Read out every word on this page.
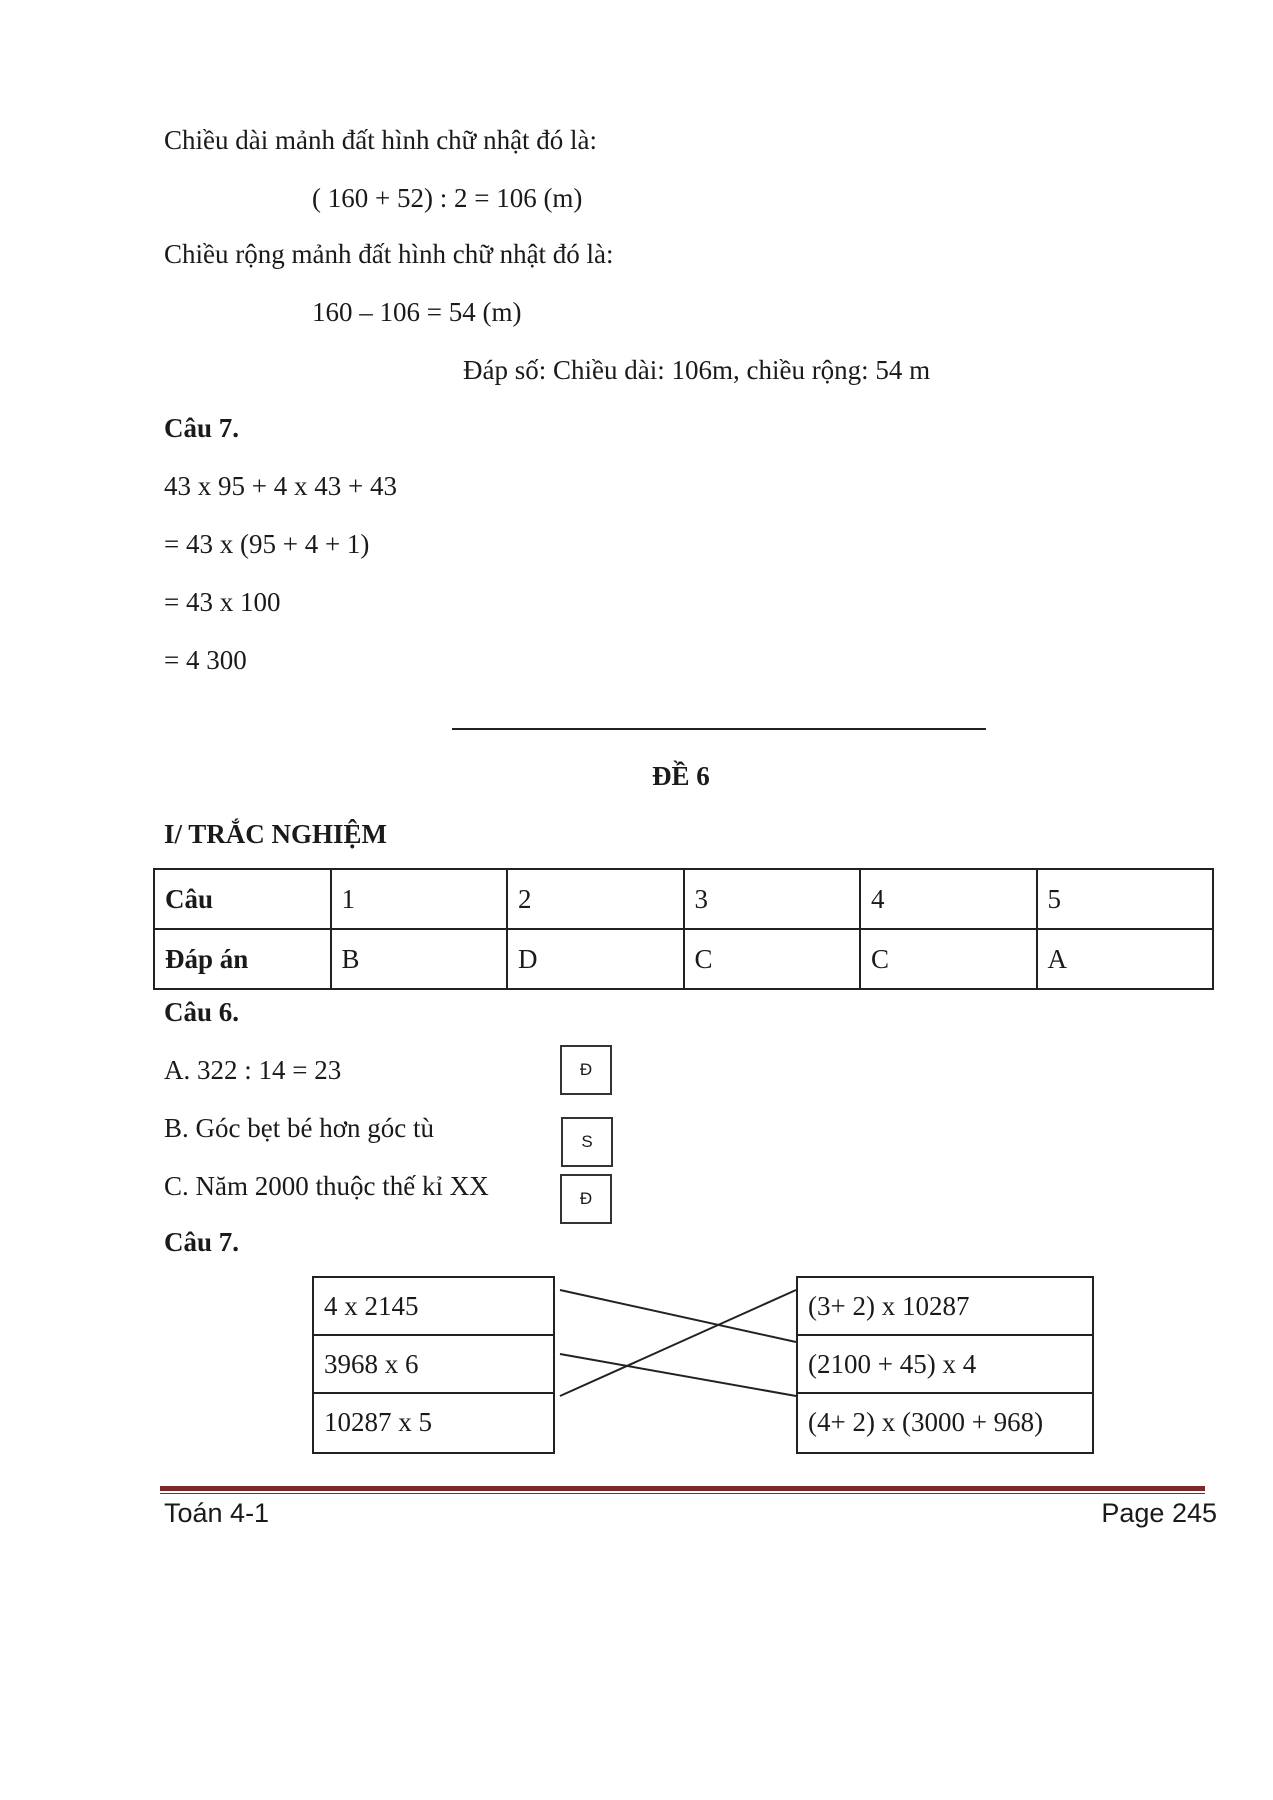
Chiều dài mảnh đất hình chữ nhật đó là:
( 160 + 52) : 2 = 106 (m)
Chiều rộng mảnh đất hình chữ nhật đó là:
160 – 106 = 54 (m)
Đáp số: Chiều dài: 106m, chiều rộng: 54 m
Câu 7.
43 x 95 + 4 x 43 + 43
= 43 x (95 + 4 + 1)
= 43 x 100
= 4 300
ĐỀ 6
I/ TRẮC NGHIỆM
Câu	1	2	3	4	5
Đáp án	B	D	C	C	A
Câu 6.
A. 322 : 14 = 23	Đ
B. Góc bẹt bé hơn góc tù	S
C. Năm 2000 thuộc thế kỉ XX	Đ
Câu 7.
4 x 2145
3968 x 6
10287 x 5
(3+ 2) x 10287
(2100 + 45) x 4
(4+ 2) x (3000 + 968)
Toán 4-1	Page 245
